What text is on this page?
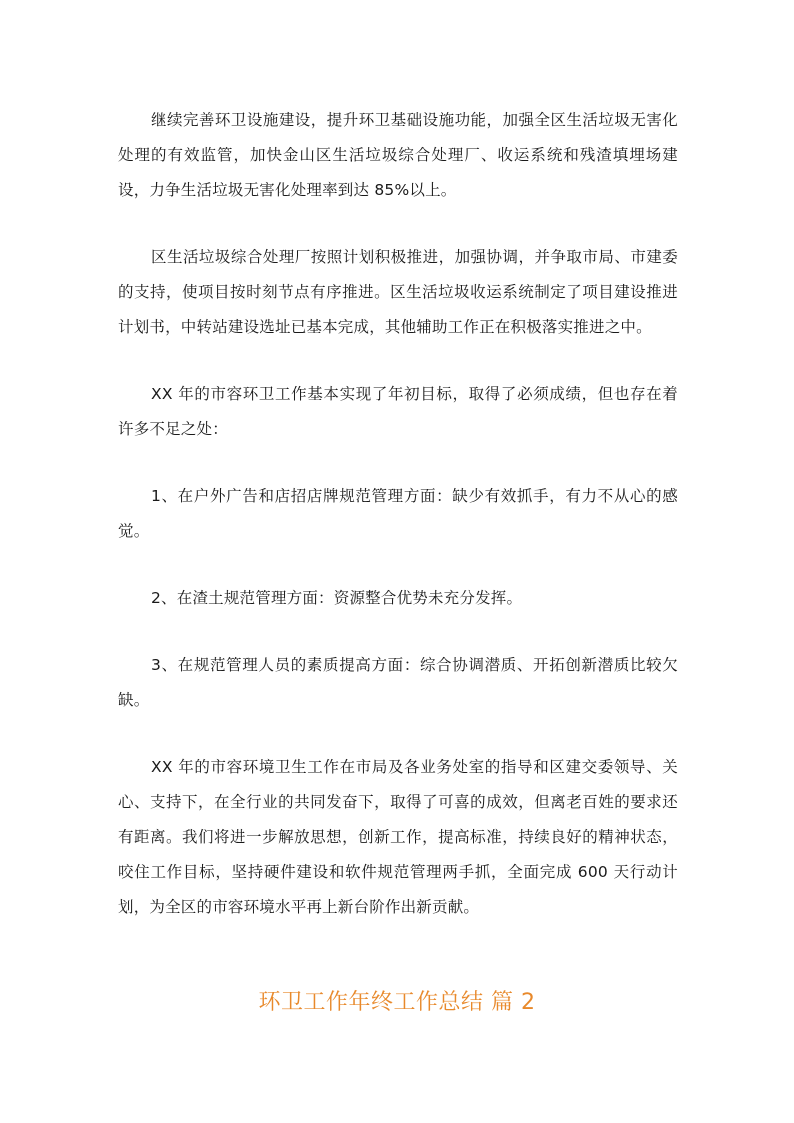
继续完善环卫设施建设，提升环卫基础设施功能，加强全区生活垃圾无害化处理的有效监管，加快金山区生活垃圾综合处理厂、收运系统和残渣填埋场建设，力争生活垃圾无害化处理率到达 85%以上。

区生活垃圾综合处理厂按照计划积极推进，加强协调，并争取市局、市建委的支持，使项目按时刻节点有序推进。区生活垃圾收运系统制定了项目建设推进计划书，中转站建设选址已基本完成，其他辅助工作正在积极落实推进之中。

XX 年的市容环卫工作基本实现了年初目标，取得了必须成绩，但也存在着许多不足之处：

1、在户外广告和店招店牌规范管理方面：缺少有效抓手，有力不从心的感觉。

2、在渣土规范管理方面：资源整合优势未充分发挥。

3、在规范管理人员的素质提高方面：综合协调潜质、开拓创新潜质比较欠缺。

XX 年的市容环境卫生工作在市局及各业务处室的指导和区建交委领导、关心、支持下，在全行业的共同发奋下，取得了可喜的成效，但离老百姓的要求还有距离。我们将进一步解放思想，创新工作，提高标准，持续良好的精神状态，咬住工作目标，坚持硬件建设和软件规范管理两手抓，全面完成 600 天行动计划，为全区的市容环境水平再上新台阶作出新贡献。

环卫工作年终工作总结 篇 2
